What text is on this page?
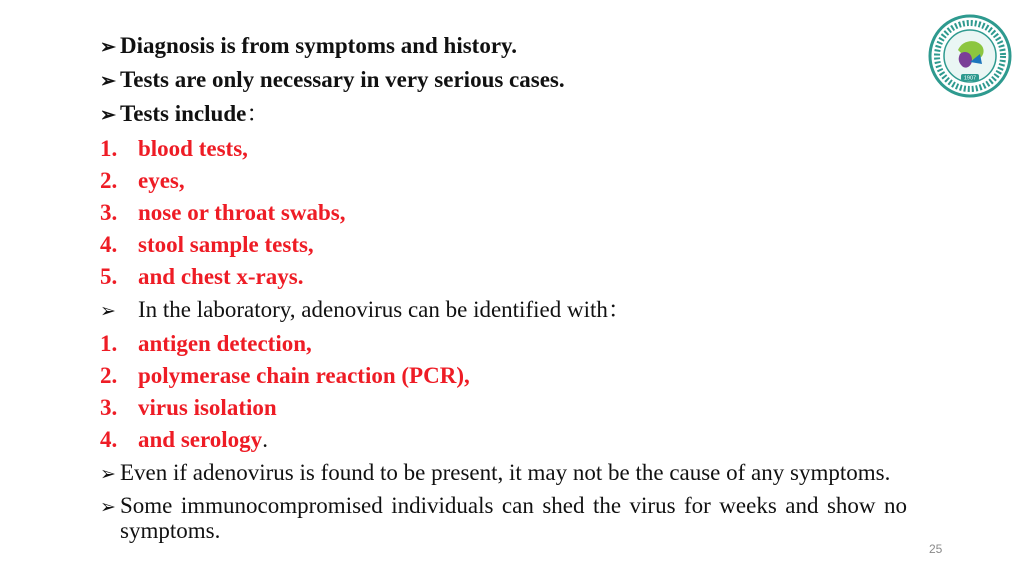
➢ Diagnosis is from symptoms and history.
➢ Tests are only necessary in very serious cases.
➢ Tests include ：
1. blood tests,
2. eyes,
3. nose or throat swabs,
4. stool sample tests,
5. and chest x-rays.
➢ In the laboratory, adenovirus can be identified with ：
1. antigen detection,
2. polymerase chain reaction (PCR),
3. virus isolation
4. and serology .
➢ Even if adenovirus is found to be present, it may not be the cause of any symptoms.
➢ Some immunocompromised individuals can shed the virus for weeks and show no symptoms.
1907
25
